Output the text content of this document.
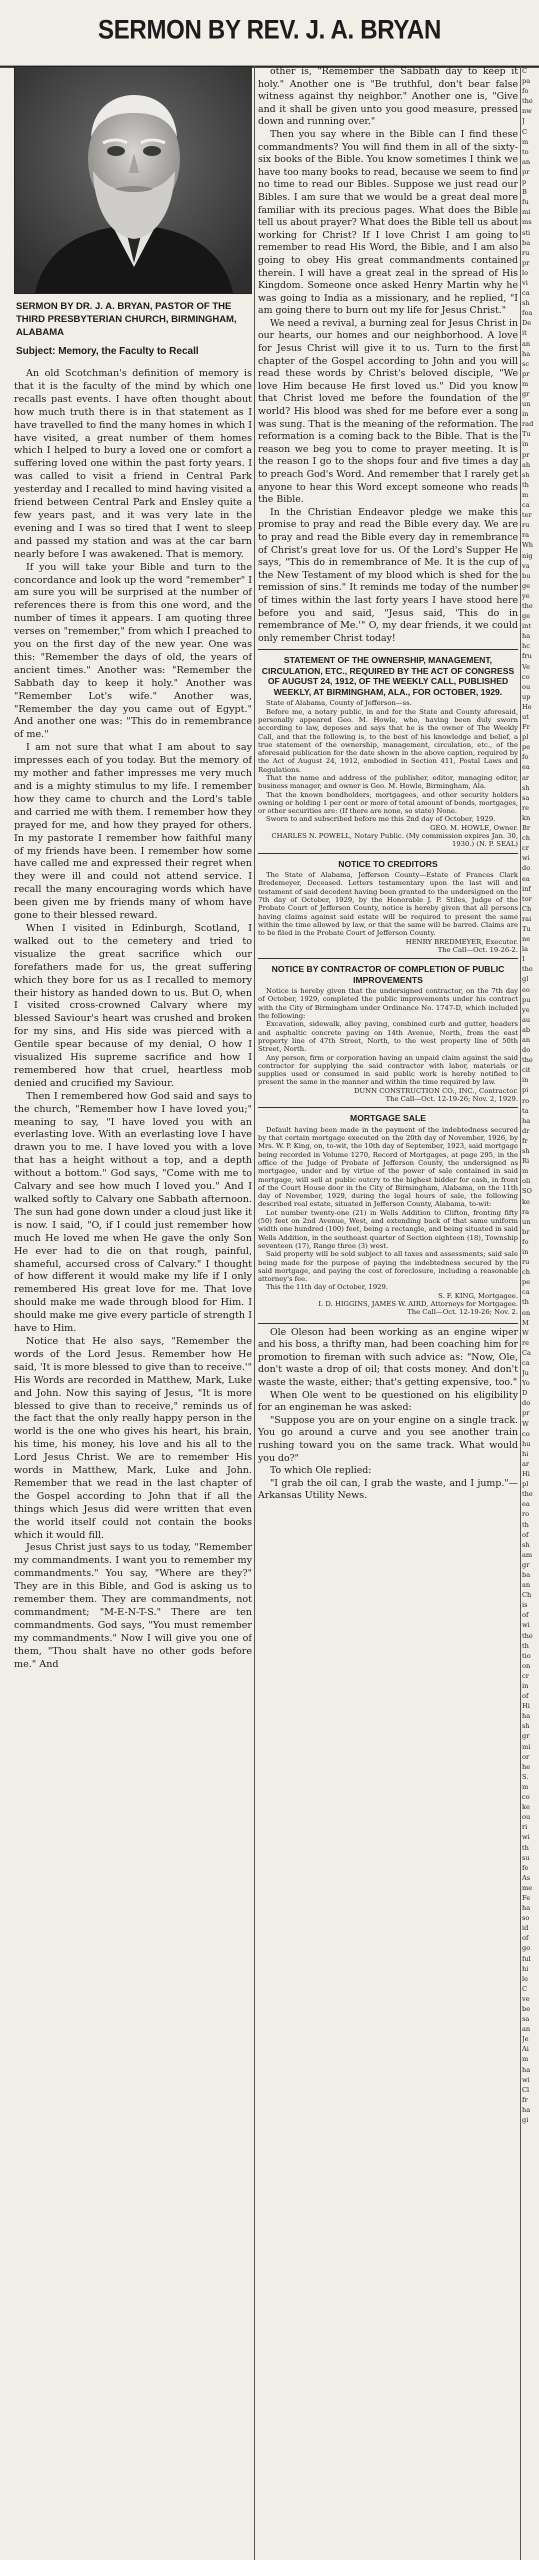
SERMON BY REV. J. A. BRYAN
SERMON BY DR. J. A. BRYAN, PASTOR OF THE THIRD PRESBYTERIAN CHURCH, BIRMINGHAM, ALABAMA
Subject: Memory, the Faculty to Recall

An old Scotchman's definition of memory is that it is the faculty of the mind by which one recalls past events. I have often thought about how much truth there is in that statement as I have travelled to find the many homes in which I have visited, a great number of them homes which I helped to bury a loved one or comfort a suffering loved one within the past forty years. I was called to visit a friend in Central Park yesterday and I recalled to mind having visited a friend between Central Park and Ensley quite a few years past, and it was very late in the evening and I was so tired that I went to sleep and passed my station and was at the car barn nearly before I was awakened. That is memory.

If you will take your Bible and turn to the concordance and look up the word "remember" I am sure you will be surprised at the number of references there is from this one word, and the number of times it appears. I am quoting three verses on "remember," from which I preached to you on the first day of the new year. One was this: "Remember the days of old, the years of ancient times." Another was: "Remember the Sabbath day to keep it holy." Another was "Remember Lot's wife." Another was, "Remember the day you came out of Egypt." And another one was: "This do in remembrance of me."

I am not sure that what I am about to say impresses each of you today. But the memory of my mother and father impresses me very much and is a mighty stimulus to my life. I remember how they came to church and the Lord's table and carried me with them. I remember how they prayed for me, and how they prayed for others. In my pastorate I remember how faithful many of my friends have been. I remember how some have called me and expressed their regret when they were ill and could not attend service. I recall the many encouraging words which have been given me by friends many of whom have gone to their blessed reward.

When I visited in Edinburgh, Scotland, I walked out to the cemetery and tried to visualize the great sacrifice which our forefathers made for us, the great suffering which they bore for us as I recalled to memory their history as handed down to us. But O, when I visited cross-crowned Calvary where my blessed Saviour's heart was crushed and broken for my sins, and His side was pierced with a Gentile spear because of my denial, O how I visualized His supreme sacrifice and how I remembered how that cruel, heartless mob denied and crucified my Saviour.

Then I remembered how God said and says to the church, "Remember how I have loved you;" meaning to say, "I have loved you with an everlasting love. With an everlasting love I have drawn you to me. I have loved you with a love that has a height without a top, and a depth without a bottom." God says, "Come with me to Calvary and see how much I loved you." And I walked softly to Calvary one Sabbath afternoon. The sun had gone down under a cloud just like it is now. I said, "O, if I could just remember how much He loved me when He gave the only Son He ever had to die on that rough, painful, shameful, accursed cross of Calvary." I thought of how different it would make my life if I only remembered His great love for me. That love should make me wade through blood for Him. I should make me give every particle of strength I have to Him.

Notice that He also says, "Remember the words of the Lord Jesus. Remember how He said, 'It is more blessed to give than to receive.'" His Words are recorded in Matthew, Mark, Luke and John. Now this saying of Jesus, "It is more blessed to give than to receive," reminds us of the fact that the only really happy person in the world is the one who gives his heart, his brain, his time, his money, his love and his all to the Lord Jesus Christ. We are to remember His words in Matthew, Mark, Luke and John. Remember that we read in the last chapter of the Gospel according to John that if all the things which Jesus did were written that even the world itself could not contain the books which it would fill.

Jesus Christ just says to us today, "Remember my commandments. I want you to remember my commandments." You say, "Where are they?" They are in this Bible, and God is asking us to remember them. They are commandments, not commandment; "M-E-N-T-S." There are ten commandments. God says, "You must remember my commandments." Now I will give you one of them, "Thou shalt have no other gods before me." And

other is, "Remember the Sabbath day to keep it holy." Another one is "Be truthful, don't bear false witness against thy neighbor." Another one is, "Give and it shall be given unto you good measure, pressed down and running over."

Then you say where in the Bible can I find these commandments? You will find them in all of the sixty-six books of the Bible. You know sometimes I think we have too many books to read, because we seem to find no time to read our Bibles. Suppose we just read our Bibles. I am sure that we would be a great deal more familiar with its precious pages. What does the Bible tell us about prayer? What does the Bible tell us about working for Christ? If I love Christ I am going to remember to read His Word, the Bible, and I am also going to obey His great commandments contained therein. I will have a great zeal in the spread of His Kingdom. Someone once asked Henry Martin why he was going to India as a missionary, and he replied, "I am going there to burn out my life for Jesus Christ."

We need a revival, a burning zeal for Jesus Christ in our hearts, our homes and our neighborhood. A love for Jesus Christ will give it to us. Turn to the first chapter of the Gospel according to John and you will read these words by Christ's beloved disciple, "We love Him because He first loved us." Did you know that Christ loved me before the foundation of the world? His blood was shed for me before ever a song was sung. That is the meaning of the reformation. The reformation is a coming back to the Bible. That is the reason we beg you to come to prayer meeting. It is the reason I go to the shops four and five times a day to preach God's Word. And remember that I rarely get anyone to hear this Word except someone who reads the Bible.

In the Christian Endeavor pledge we make this promise to pray and read the Bible every day. We are to pray and read the Bible every day in remembrance of Christ's great love for us. Of the Lord's Supper He says, "This do in remembrance of Me. It is the cup of the New Testament of my blood which is shed for the remission of sins." It reminds me today of the number of times within the last forty years I have stood here before you and said, "Jesus said, 'This do in remembrance of Me.'" O, my dear friends, it we could only remember Christ today!

STATEMENT OF THE OWNERSHIP, MANAGEMENT, CIRCULATION, ETC., REQUIRED BY THE ACT OF CONGRESS OF AUGUST 24, 1912, OF THE WEEKLY CALL, PUBLISHED WEEKLY, AT BIRMINGHAM, ALA., FOR OCTOBER, 1929.

State of Alabama, County of Jefferson—ss.

Before me, a notary public, in and for the State and County aforesaid, personally appeared Geo. M. Howle, who, having been duly sworn according to law, deposes and says that he is the owner of The Weekly Call, and that the following is, to the best of his knowledge and belief, a true statement of the ownership, management, circulation, etc., of the aforesaid publication for the date shown in the above caption, required by the Act of August 24, 1912, embodied in Section 411, Postal Laws and Regulations.

That the name and address of the publisher, editor, managing editor, business manager, and owner is Geo. M. Howle, Birmingham, Ala.

That the known bondholders, mortgagees, and other security holders owning or holding 1 per cent or more of total amount of bonds, mortgages, or other securities are: (If there are none, so state) None.

Sworn to and subscribed before me this 2nd day of October, 1929.

GEO. M. HOWLE, Owner.
CHARLES N. POWELL, Notary Public. (My commission expires Jan. 30, 1930.) (N. P. SEAL)
NOTICE TO CREDITORS

The State of Alabama, Jefferson County—Estate of Frances Clark Bredemeyer, Deceased. Letters testamentary upon the last will and testament of said decedent having been granted to the undersigned on the 7th day of October, 1929, by the Honorable J. P. Stiles, Judge of the Probate Court of Jefferson County, notice is hereby given that all persons having claims against said estate will be required to present the same within the time allowed by law, or that the same will be barred. Claims are to be filed in the Probate Court of Jefferson County.

HENRY BREDMEYER, Executor.
The Call—Oct. 19-26-2.
NOTICE BY CONTRACTOR OF COMPLETION OF PUBLIC IMPROVEMENTS

Notice is hereby given that the undersigned contractor, on the 7th day of October, 1929, completed the public improvements under his contract with the City of Birmingham under Ordinance No. 1747-D, which included the following:

Excavation, sidewalk, alley paving, combined curb and gutter, headers and asphaltic concrete paving on 14th Avenue, North, from the east property line of 47th Street, North, to the west property line of 50th Street, North.

Any person, firm or corporation having an unpaid claim against the said contractor for supplying the said contractor with labor, materials or supplies used or consumed in said public work is hereby notified to present the same in the manner and within the time required by law.

DUNN CONSTRUCTION CO., INC., Contractor.
The Call—Oct. 12-19-26; Nov. 2, 1929.
MORTGAGE SALE

Default having been made in the payment of the indebtedness secured by that certain mortgage executed on the 20th day of November, 1926, by Mrs. W. P. King, on, to-wit, the 10th day of September, 1923, said mortgage being recorded in Volume 1270, Record of Mortgages, at page 295, in the office of the Judge of Probate of Jefferson County, the undersigned as mortgagee, under and by virtue of the power of sale contained in said mortgage, will sell at public outcry to the highest bidder for cash, in front of the Court House door in the City of Birmingham, Alabama, on the 11th day of November, 1929, during the legal hours of sale, the following described real estate, situated in Jefferson County, Alabama, to-wit:

Lot number twenty-one (21) in Wells Addition to Clifton, fronting fifty (50) feet on 2nd Avenue, West, and extending back of that same uniform width one hundred (100) feet, being a rectangle, and being situated in said Wells Addition, in the southeast quarter of Section eighteen (18), Township seventeen (17), Range three (3) west.

Said property will be sold subject to all taxes and assessments; said sale being made for the purpose of paying the indebtedness secured by the said mortgage, and paying the cost of foreclosure, including a reasonable attorney's fee.

This the 11th day of October, 1929.

S. F. KING, Mortgagee.
I. D. HIGGINS, JAMES W. AIRD, Attorneys for Mortgagee.
The Call—Oct. 12-19-26; Nov. 2.

Ole Oleson had been working as an engine wiper and his boss, a thrifty man, had been coaching him for promotion to fireman with such advice as: "Now, Ole, don't waste a drop of oil; that costs money. And don't waste the waste, either; that's getting expensive, too."

When Ole went to be questioned on his eligibility for an engineman he was asked:

"Suppose you are on your engine on a single track. You go around a curve and you see another train rushing toward you on the same track. What would you do?"

To which Ole replied:

"I grab the oil can, I grab the waste, and I jump."—Arkansas Utility News.

C
pa
fo
the
nw
J
C
m
to
an
pr
p
B
fu
mi
ms
sti
ba
ru
pr
lo
vi
ca
sh
fea
De
it
an
ha
sc
pr
m
gr
un
in
rad
Tu
in
pr
ah
sh
th
m
ca
ter
ru
ra
Wh
nig
va
bu
ge
ye
the
ge
int
ha
hc
fru
Ve
co
ou
up
He
ut
Fr
pl
pe
fo
ea
ar
sh
sa
re
kn
Br
ch
cr
wi
do
ea
inf
tor
Ch
rai
Tu
ne
la
I
the
gl
eo
pu
ye
au
ab
an
do
the
cit
in
pi
ro
ta
ha
dr
fr
sh
Ri
m
oli
SO
ke
ra
un
br
fo
in
ru
ch
pe
ca
th
en
M
W
re
Ca
ca
Ju
Yo
D
do
pr
W
co
hu
hi
ar
Hi
pl
the
ea
ro
th
of
sh
am
gr
ba
an
Ch
is
of
wi
the
th
tio
on
cr
in
of
Hi
ha
sh
gr
mi
or
he
S.
m
co
ke
ou
ri
wi
th
su
fe
As
me
Fe
ha
so
id
of
go
ful
hi
le
C
ve
be
sa
an
Je
Ai
m
ha
wi
Cl
fr
ha
gi
